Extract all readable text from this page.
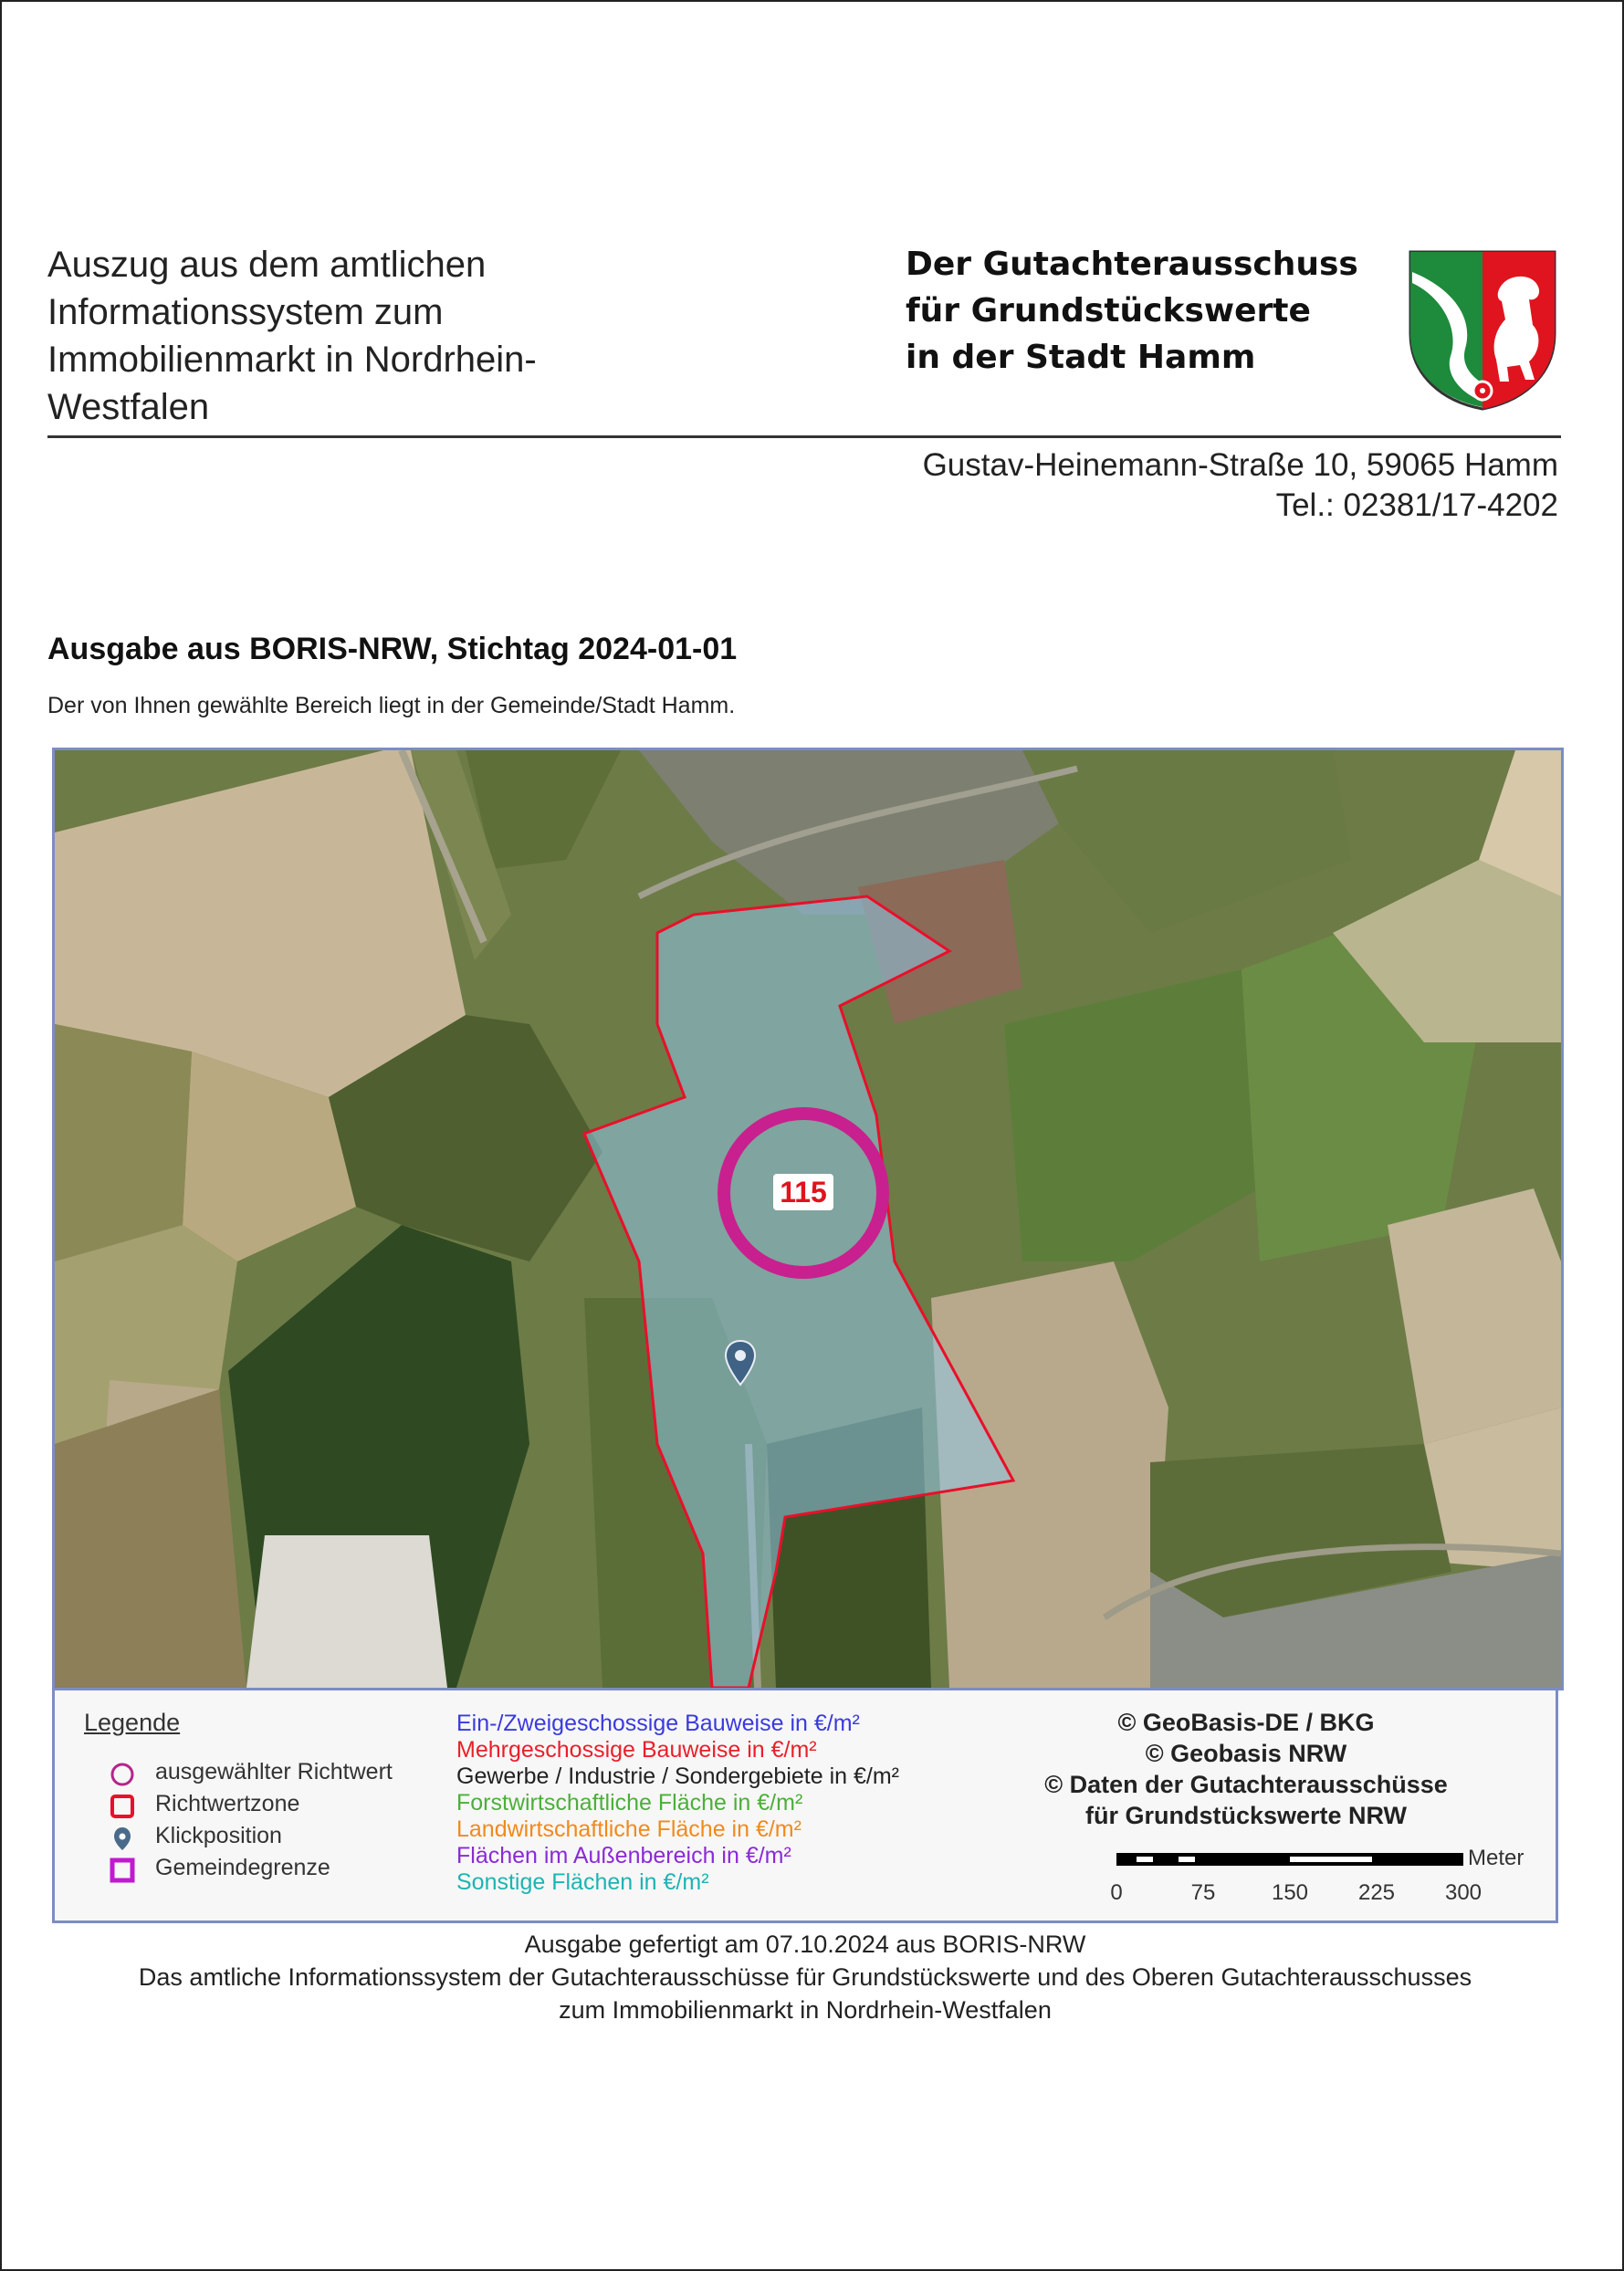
Auszug aus dem amtlichen
Informationssystem zum
Immobilienmarkt in Nordrhein-
Westfalen
Der Gutachterausschuss
für Grundstückswerte
in der Stadt Hamm
Gustav-Heinemann-Straße 10, 59065 Hamm
Tel.: 02381/17-4202
Ausgabe aus BORIS-NRW, Stichtag 2024-01-01
Der von Ihnen gewählte Bereich liegt in der Gemeinde/Stadt Hamm.
115
Legende
ausgewählter Richtwert
Richtwertzone
Klickposition
Gemeindegrenze
Ein-/Zweigeschossige Bauweise in €/m²
Mehrgeschossige Bauweise in €/m²
Gewerbe / Industrie / Sondergebiete in €/m²
Forstwirtschaftliche Fläche in €/m²
Landwirtschaftliche Fläche in €/m²
Flächen im Außenbereich in €/m²
Sonstige Flächen in €/m²
© GeoBasis-DE / BKG
© Geobasis NRW
© Daten der Gutachterausschüsse
für Grundstückswerte NRW
Meter
0	75	150 225 300
Ausgabe gefertigt am 07.10.2024 aus BORIS-NRW
Das amtliche Informationssystem der Gutachterausschüsse für Grundstückswerte und des Oberen Gutachterausschusses
zum Immobilienmarkt in Nordrhein-Westfalen
